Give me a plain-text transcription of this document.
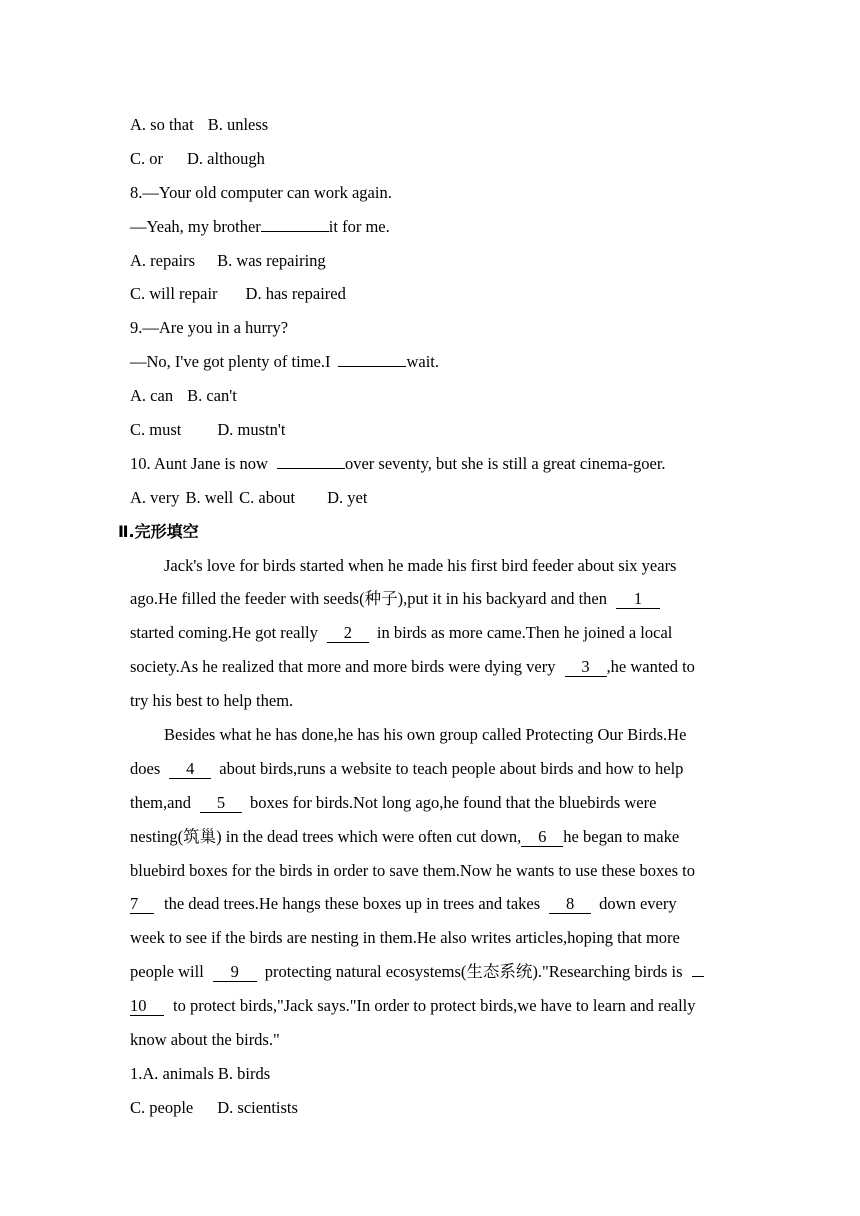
A. so that B. unless
C. or D. although
8.—Your old computer can work again.
—Yeah, my brother	it for me.
A. repairs B. was repairing
C. will repair D. has repaired
9.—Are you in a hurry?
—No, I've got plenty of time.I	wait.
A. can B. can't
C. must D. mustn't
10. Aunt Jane is now	over seventy, but she is still a great cinema-goer.
A. very B. well C. about D. yet
Ⅱ.完形填空
Jack's love for birds started when he made his first bird feeder about six years
ago.He filled the feeder with seeds(种子),put it in his backyard and then 1
started coming.He got really 2 in birds as more came.Then he joined a local
society.As he realized that more and more birds were dying very 3 ,he wanted to
try his best to help them.
Besides what he has done,he has his own group called Protecting Our Birds.He
does 4 about birds,runs a website to teach people about birds and how to help
them,and 5 boxes for birds.Not long ago,he found that the bluebirds were
nesting(筑巢) in the dead trees which were often cut down, 6 he began to make
bluebird boxes for the birds in order to save them.Now he wants to use these boxes to
7 the dead trees.He hangs these boxes up in trees and takes 8 down every
week to see if the birds are nesting in them.He also writes articles,hoping that more
people will 9 protecting natural ecosystems(生态系统)."Researching birds is
10 to protect birds,"Jack says."In order to protect birds,we have to learn and really
know about the birds."
1.A. animals B. birds
C. people D. scientists
